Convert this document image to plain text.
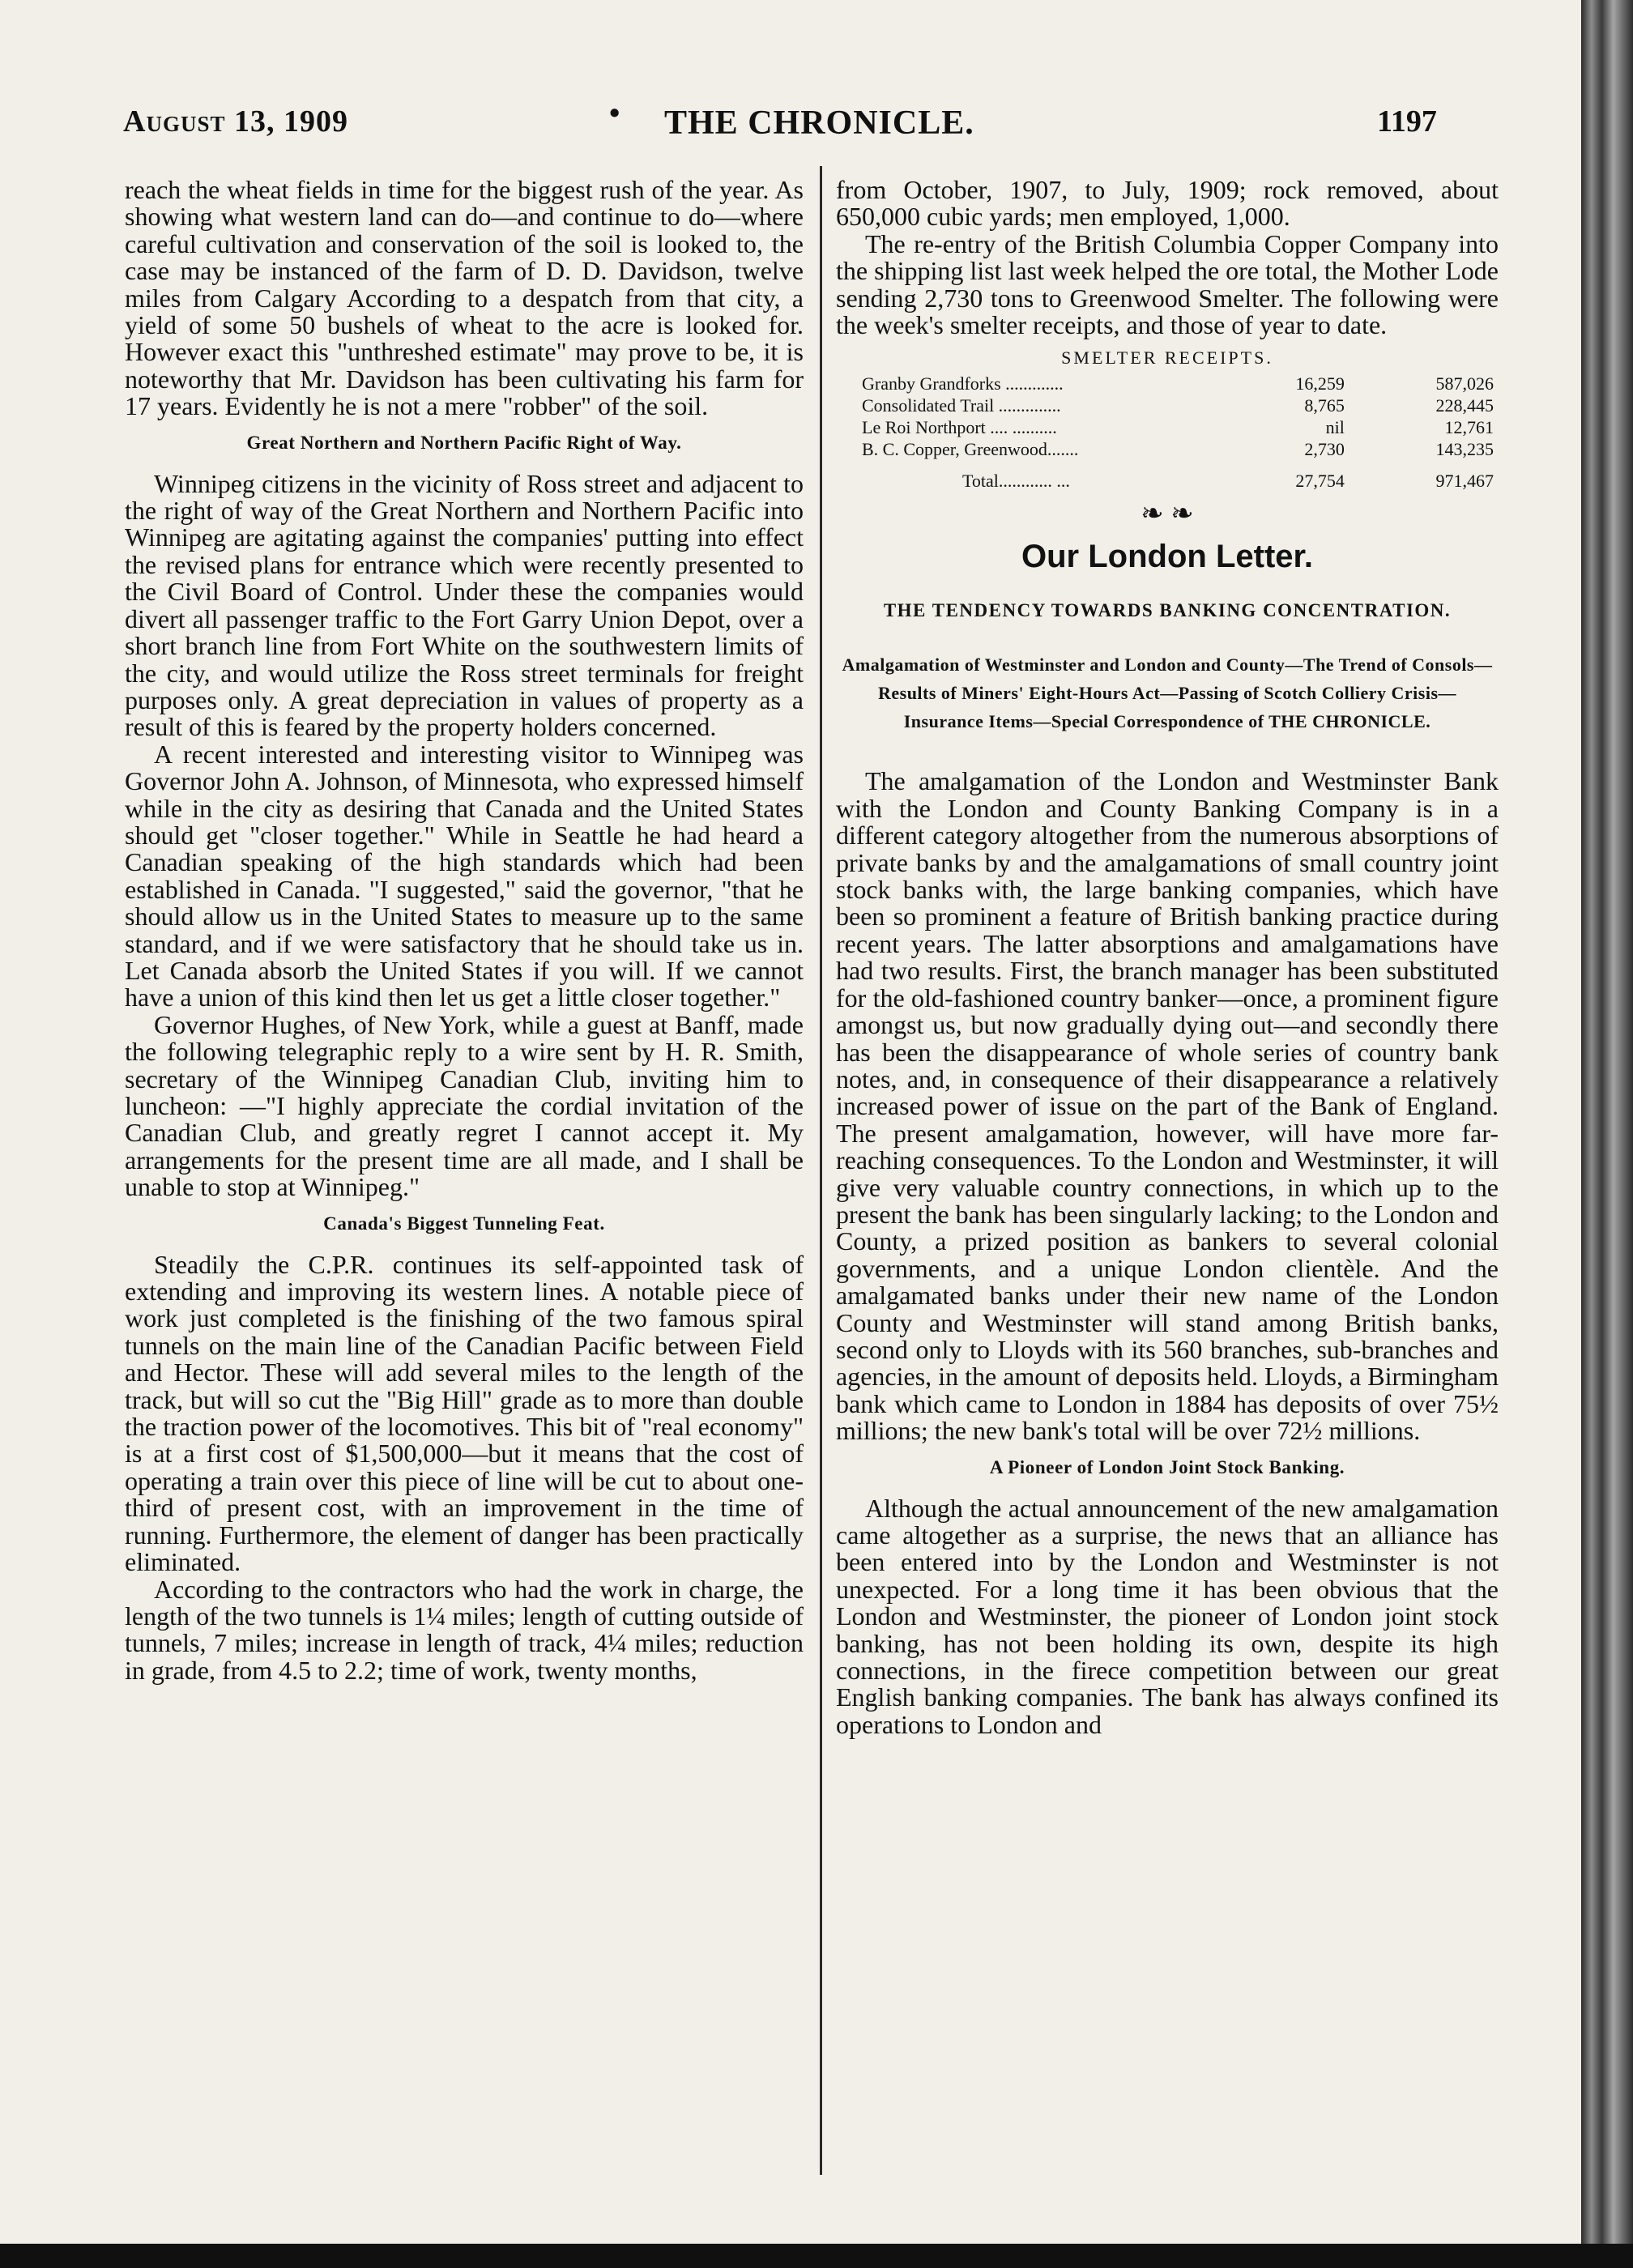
August 13, 1909	• THE CHRONICLE.	1197

reach the wheat fields in time for the biggest rush of the year. As showing what western land can do—and continue to do—where careful cultivation and conservation of the soil is looked to, the case may be instanced of the farm of D. D. Davidson, twelve miles from Calgary According to a despatch from that city, a yield of some 50 bushels of wheat to the acre is looked for. However exact this "unthreshed estimate" may prove to be, it is noteworthy that Mr. Davidson has been cultivating his farm for 17 years. Evidently he is not a mere "robber" of the soil.

Great Northern and Northern Pacific Right of Way.

Winnipeg citizens in the vicinity of Ross street and adjacent to the right of way of the Great Northern and Northern Pacific into Winnipeg are agitating against the companies' putting into effect the revised plans for entrance which were recently presented to the Civil Board of Control. Under these the companies would divert all passenger traffic to the Fort Garry Union Depot, over a short branch line from Fort White on the southwestern limits of the city, and would utilize the Ross street terminals for freight purposes only. A great depreciation in values of property as a result of this is feared by the property holders concerned.

A recent interested and interesting visitor to Winnipeg was Governor John A. Johnson, of Minnesota, who expressed himself while in the city as desiring that Canada and the United States should get "closer together." While in Seattle he had heard a Canadian speaking of the high standards which had been established in Canada. "I suggested," said the governor, "that he should allow us in the United States to measure up to the same standard, and if we were satisfactory that he should take us in. Let Canada absorb the United States if you will. If we cannot have a union of this kind then let us get a little closer together."

Governor Hughes, of New York, while a guest at Banff, made the following telegraphic reply to a wire sent by H. R. Smith, secretary of the Winnipeg Canadian Club, inviting him to luncheon: —"I highly appreciate the cordial invitation of the Canadian Club, and greatly regret I cannot accept it. My arrangements for the present time are all made, and I shall be unable to stop at Winnipeg."

Canada's Biggest Tunneling Feat.

Steadily the C.P.R. continues its self-appointed task of extending and improving its western lines. A notable piece of work just completed is the finishing of the two famous spiral tunnels on the main line of the Canadian Pacific between Field and Hector. These will add several miles to the length of the track, but will so cut the "Big Hill" grade as to more than double the traction power of the locomotives. This bit of "real economy" is at a first cost of $1,500,000—but it means that the cost of operating a train over this piece of line will be cut to about one-third of present cost, with an improvement in the time of running. Furthermore, the element of danger has been practically eliminated.

According to the contractors who had the work in charge, the length of the two tunnels is 1¼ miles; length of cutting outside of tunnels, 7 miles; increase in length of track, 4¼ miles; reduction in grade, from 4.5 to 2.2; time of work, twenty months,

from October, 1907, to July, 1909; rock removed, about 650,000 cubic yards; men employed, 1,000.

The re-entry of the British Columbia Copper Company into the shipping list last week helped the ore total, the Mother Lode sending 2,730 tons to Greenwood Smelter. The following were the week's smelter receipts, and those of year to date.

SMELTER RECEIPTS.
Granby Grandforks .............	16,259	587,026
Consolidated Trail ..............	8,765	228,445
Le Roi Northport .... ..........	nil	12,761
B. C. Copper, Greenwood.......	2,730	143,235
Total............ ...	27,754	971,467
❧ ❧
Our London Letter.
THE TENDENCY TOWARDS BANKING CONCENTRATION.
Amalgamation of Westminster and London and County—The Trend of Consols—Results of Miners' Eight-Hours Act—Passing of Scotch Colliery Crisis—Insurance Items—Special Correspondence of THE CHRONICLE.

The amalgamation of the London and Westminster Bank with the London and County Banking Company is in a different category altogether from the numerous absorptions of private banks by and the amalgamations of small country joint stock banks with, the large banking companies, which have been so prominent a feature of British banking practice during recent years. The latter absorptions and amalgamations have had two results. First, the branch manager has been substituted for the old-fashioned country banker—once, a prominent figure amongst us, but now gradually dying out—and secondly there has been the disappearance of whole series of country bank notes, and, in consequence of their disappearance a relatively increased power of issue on the part of the Bank of England. The present amalgamation, however, will have more far-reaching consequences. To the London and Westminster, it will give very valuable country connections, in which up to the present the bank has been singularly lacking; to the London and County, a prized position as bankers to several colonial governments, and a unique London clientèle. And the amalgamated banks under their new name of the London County and Westminster will stand among British banks, second only to Lloyds with its 560 branches, sub-branches and agencies, in the amount of deposits held. Lloyds, a Birmingham bank which came to London in 1884 has deposits of over 75½ millions; the new bank's total will be over 72½ millions.

A Pioneer of London Joint Stock Banking.

Although the actual announcement of the new amalgamation came altogether as a surprise, the news that an alliance has been entered into by the London and Westminster is not unexpected. For a long time it has been obvious that the London and Westminster, the pioneer of London joint stock banking, has not been holding its own, despite its high connections, in the firece competition between our great English banking companies. The bank has always confined its operations to London and
